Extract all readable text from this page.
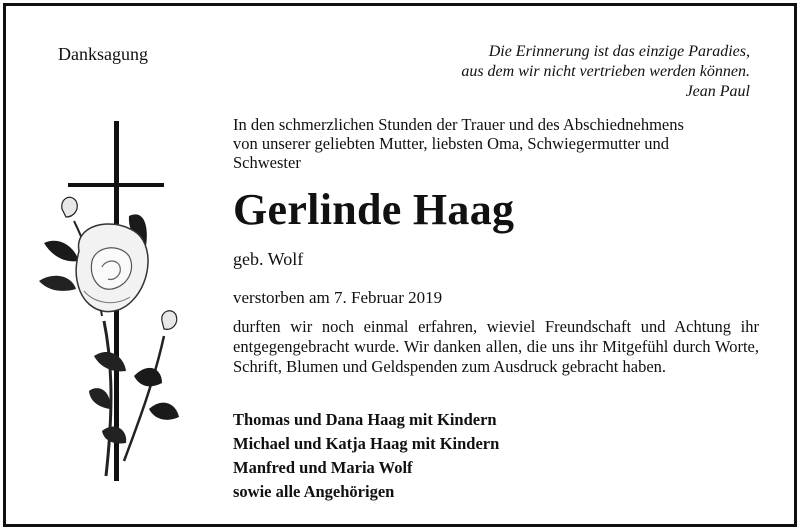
Danksagung	Die Erinnerung ist das einzige Paradies,
aus dem wir nicht vertrieben werden können.
Jean Paul
In den schmerzlichen Stunden der Trauer und des Abschiednehmens
von unserer geliebten Mutter, liebsten Oma, Schwiegermutter und
Schwester
Gerlinde Haag
geb. Wolf
verstorben am 7. Februar 2019
durften wir noch einmal erfahren, wieviel Freundschaft und Achtung ihr entgegengebracht wurde. Wir danken allen, die uns ihr Mitgefühl durch Worte, Schrift, Blumen und Geldspenden zum Ausdruck gebracht haben.
Thomas und Dana Haag mit Kindern
Michael und Katja Haag mit Kindern
Manfred und Maria Wolf
sowie alle Angehörigen
